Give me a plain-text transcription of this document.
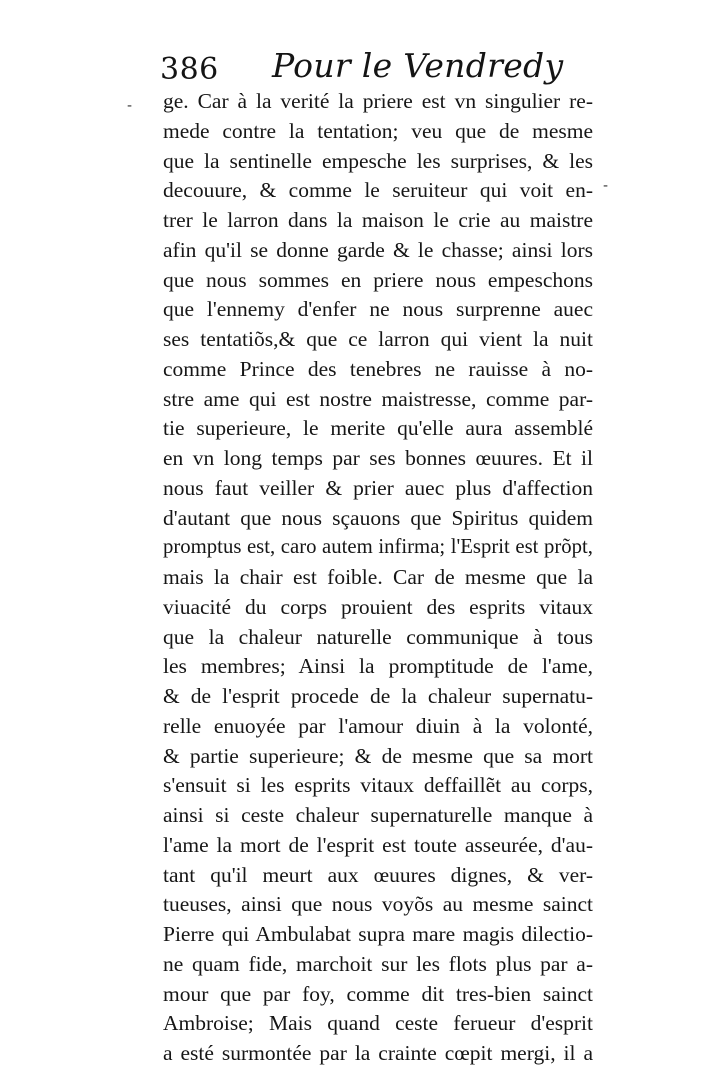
386 Pour le Vendredy
-
-
ge. Car à la verité la priere est vn singulier re-
mede contre la tentation; veu que de mesme
que la sentinelle empesche les surprises, & les
decouure, & comme le seruiteur qui voit en-
trer le larron dans la maison le crie au maistre
afin qu'il se donne garde & le chasse; ainsi lors
que nous sommes en priere nous empeschons
que l'ennemy d'enfer ne nous surprenne auec
ses tentatiõs,& que ce larron qui vient la nuit
comme Prince des tenebres ne rauisse à no-
stre ame qui est nostre maistresse, comme par-
tie superieure, le merite qu'elle aura assemblé
en vn long temps par ses bonnes œuures. Et il
nous faut veiller & prier auec plus d'affection
d'autant que nous sçauons que Spiritus quidem
promptus est, caro autem infirma; l'Esprit est prõpt,
mais la chair est foible. Car de mesme que la
viuacité du corps prouient des esprits vitaux
que la chaleur naturelle communique à tous
les membres; Ainsi la promptitude de l'ame,
& de l'esprit procede de la chaleur supernatu-
relle enuoyée par l'amour diuin à la volonté,
& partie superieure; & de mesme que sa mort
s'ensuit si les esprits vitaux deffaillẽt au corps,
ainsi si ceste chaleur supernaturelle manque à
l'ame la mort de l'esprit est toute asseurée, d'au-
tant qu'il meurt aux œuures dignes, & ver-
tueuses, ainsi que nous voyõs au mesme sainct
Pierre qui Ambulabat supra mare magis dilectio-
ne quam fide, marchoit sur les flots plus par a-
mour que par foy, comme dit tres-bien sainct
Ambroise; Mais quand ceste ferueur d'esprit
a esté surmontée par la crainte cœpit mergi, il a
